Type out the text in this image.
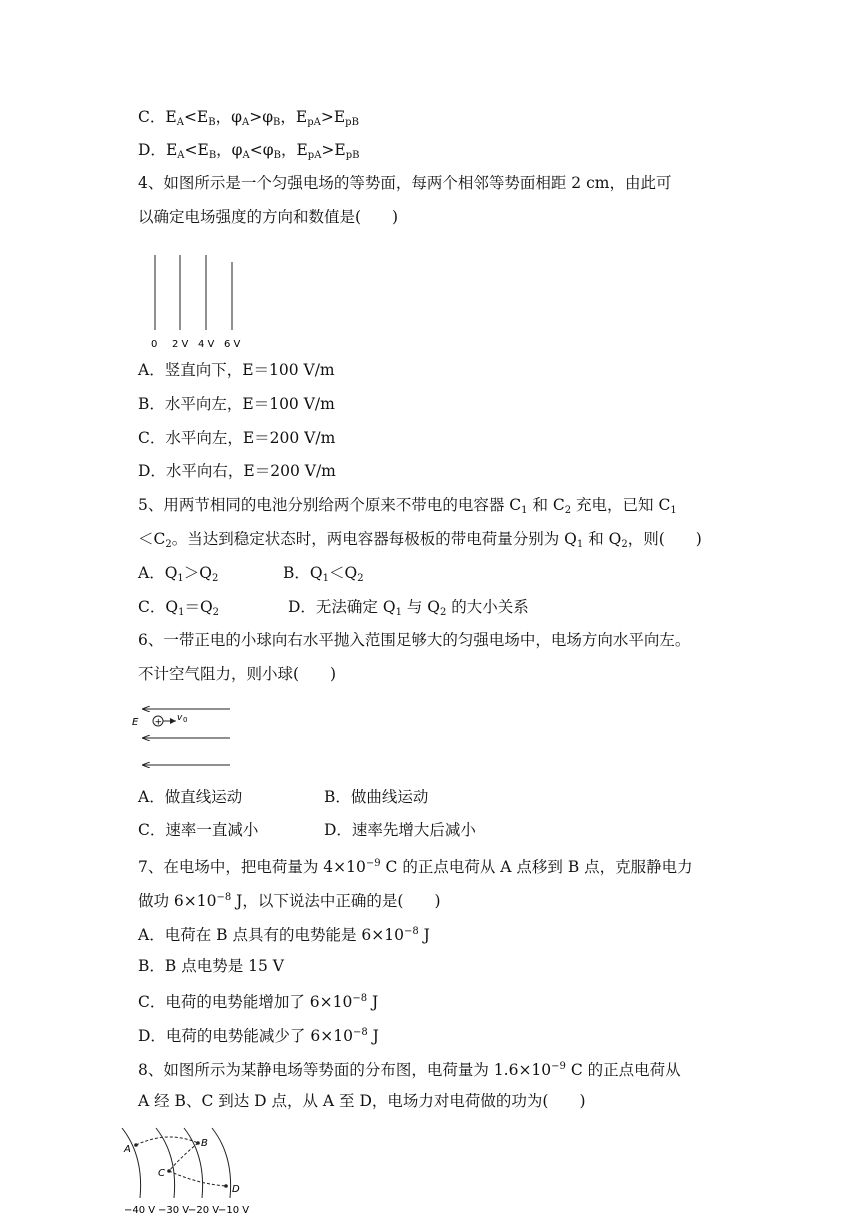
C．$E_A<E_B$，$\varphi_A>\varphi_B$，$E_{pA}>E_{pB}$
D．$E_A<E_B$，$\varphi_A<\varphi_B$，$E_{pA}>E_{pB}$
4、如图所示是一个匀强电场的等势面，每两个相邻等势面相距 2 cm，由此可
以确定电场强度的方向和数值是(　　)
0 2 V 4 V 6 V
A．竖直向下，E＝100 V/m
B．水平向左，E＝100 V/m
C．水平向左，E＝200 V/m
D．水平向右，E＝200 V/m
5、用两节相同的电池分别给两个原来不带电的电容器 $C_1$ 和 $C_2$ 充电，已知 $C_1$
$<C_2$。当达到稳定状态时，两电容器每极板的带电荷量分别为 $Q_1$ 和 $Q_2$，则(　　)
A．$Q_1>Q_2$	B．$Q_1<Q_2$
C．$Q_1=Q_2$	D．无法确定 $Q_1$ 与 $Q_2$ 的大小关系
6、一带正电的小球向右水平抛入范围足够大的匀强电场中，电场方向水平向左。
不计空气阻力，则小球(　　)
E + v 0
A．做直线运动	B．做曲线运动
C．速率一直减小	D．速率先增大后减小
7、在电场中，把电荷量为 $4\times 10^{-9}$ C 的正点电荷从 A 点移到 B 点，克服静电力
做功 $6\times 10^{-8}$ J，以下说法中正确的是(　　)
A．电荷在 B 点具有的电势能是 $6\times 10^{-8}$ J
B．B 点电势是 15 V
C．电荷的电势能增加了 $6\times 10^{-8}$ J
D．电荷的电势能减少了 $6\times 10^{-8}$ J
8、如图所示为某静电场等势面的分布图，电荷量为 $1.6\times 10^{-9}$ C 的正点电荷从
A 经 B、C 到达 D 点，从 A 至 D，电场力对电荷做的功为(　　)
A
B
C
D
−40 V −30 V
−20 V
−10 V
